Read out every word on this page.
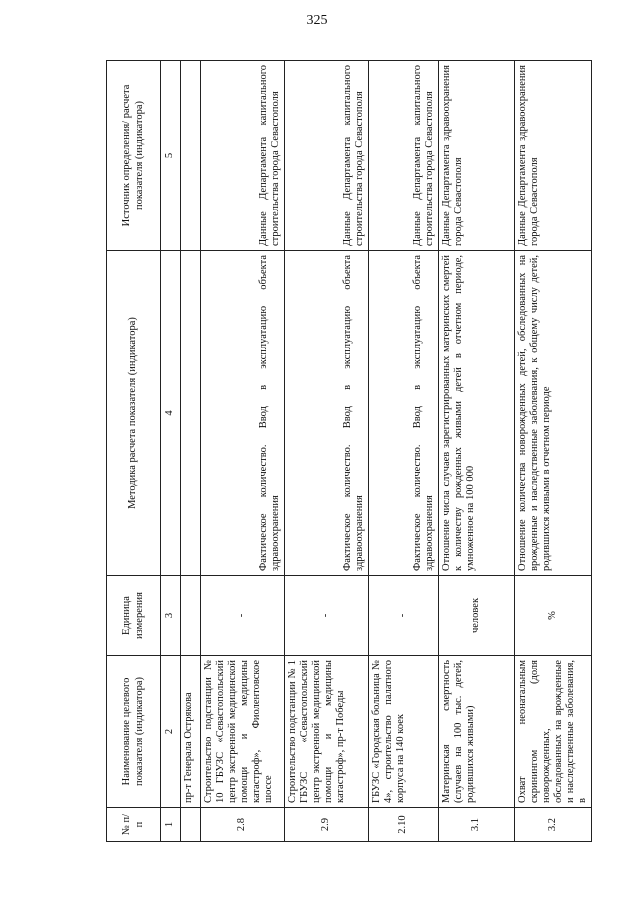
325
№ п/п	Наименование целевого показателя (индикатора)	Единица измерения	Методика расчета показателя (индикатора)	Источник определения/ расчета показателя (индикатора)
1	2	3	4	5
	пр-т Генерала Острякова			
2.8	Строительство подстанции № 10 ГБУЗС «Севастопольский центр экстренной медицинской помощи и медицины катастроф», Фиолентовское шоссе	-	Фактическое количество. Ввод в эксплуатацию объекта здравоохранения	Данные Департамента капитального строительства города Севастополя
2.9	Строительство подстанции № 1 ГБУЗС «Севастопольский центр экстренной медицинской помощи и медицины катастроф», пр-т Победы	-	Фактическое количество. Ввод в эксплуатацию объекта здравоохранения	Данные Департамента капитального строительства города Севастополя
2.10	ГБУЗС «Городская больница № 4», строительство палатного корпуса на 140 коек	-	Фактическое количество. Ввод в эксплуатацию объекта здравоохранения	Данные Департамента капитального строительства города Севастополя
3.1	Материнская смертность (случаев на 100 тыс. детей, родившихся живыми)	человек	Отношение числа случаев зарегистрированных материнских смертей к количеству рожденных живыми детей в отчетном периоде, умноженное на 100 000	Данные Департамента здравоохранения города Севастополя
3.2	Охват неонатальным скринингом (доля новорожденных, обследованных на врожденные и наследственные заболевания, в	%	Отношение количества новорожденных детей, обследованных на врожденные и наследственные заболевания, к общему числу детей, родившихся живыми в отчетном периоде	Данные Департамента здравоохранения города Севастополя
